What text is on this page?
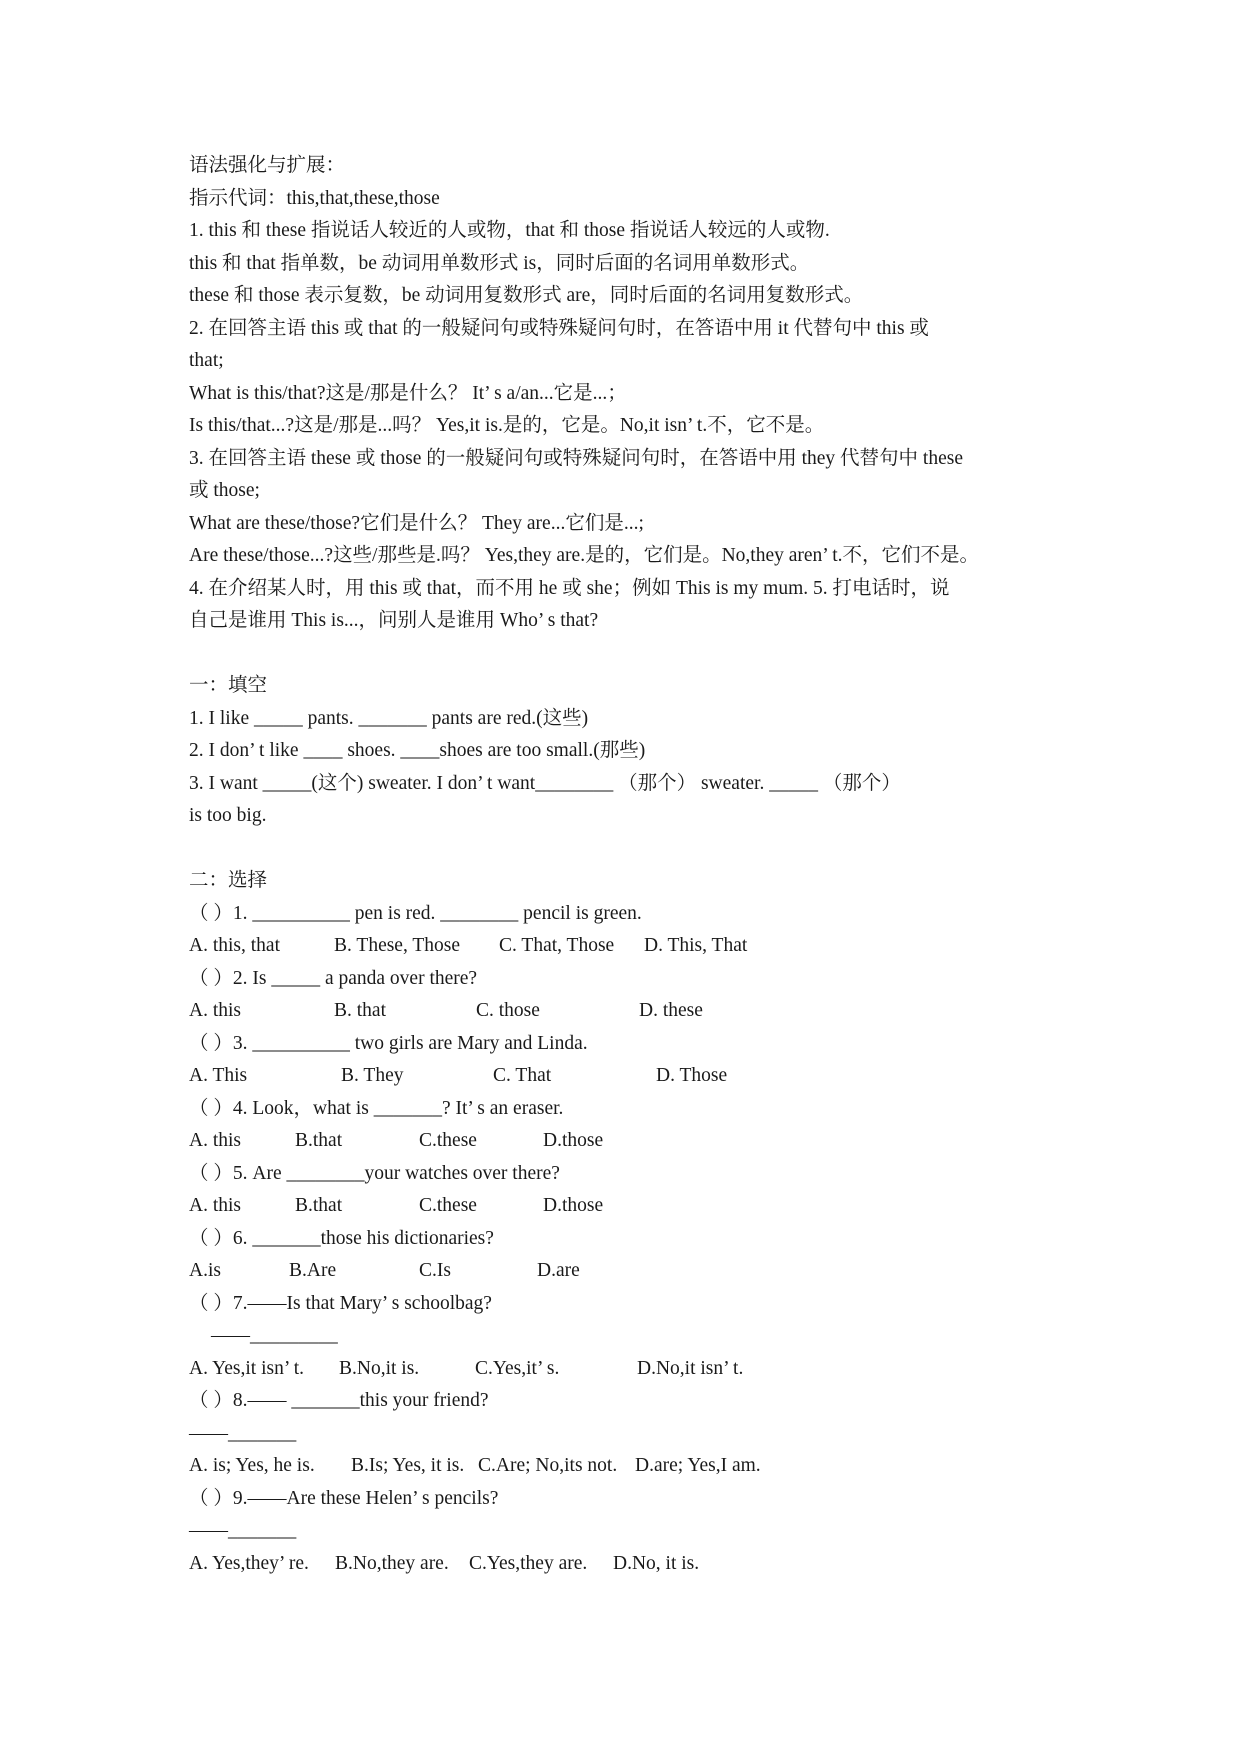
语法强化与扩展：
指示代词：this,that,these,those
1. this 和 these 指说话人较近的人或物，that 和 those 指说话人较远的人或物.
this 和 that 指单数，be 动词用单数形式 is，同时后面的名词用单数形式。
these 和 those 表示复数，be 动词用复数形式 are，同时后面的名词用复数形式。
2. 在回答主语 this 或 that 的一般疑问句或特殊疑问句时，在答语中用 it 代替句中 this 或
that;
What is this/that?这是/那是什么？ It’ s a/an...它是...；
Is this/that...?这是/那是...吗？ Yes,it is.是的，它是。No,it isn’ t.不，它不是。
3. 在回答主语 these 或 those 的一般疑问句或特殊疑问句时，在答语中用 they 代替句中 these
或 those;
What are these/those?它们是什么？ They are...它们是...;
Are these/those...?这些/那些是.吗？ Yes,they are.是的，它们是。No,they aren’ t.不，它们不是。
4. 在介绍某人时，用 this 或 that，而不用 he 或 she；例如 This is my mum. 5. 打电话时，说
自己是谁用 This is...，问别人是谁用 Who’ s that?
一：填空
1. I like _____ pants. _______ pants are red.(这些)
2. I don’ t like ____ shoes. ____shoes are too small.(那些)
3. I want _____(这个) sweater. I don’ t want________ （那个） sweater. _____ （那个）
is too big.
二：选择
（ ）1. __________ pen is red. ________ pencil is green.
A. this, that	B. These, Those	C. That, Those	D. This, That
（ ）2. Is _____ a panda over there?
A. this	B. that	C. those	D. these
（ ）3. __________ two girls are Mary and Linda.
A. This	B. They	C. That	D. Those
（ ）4. Look，what is _______? It’ s an eraser.
A. this	B.that	C.these	D.those
（ ）5. Are ________your watches over there?
A. this	B.that	C.these	D.those
（ ）6. _______those his dictionaries?
A.is	B.Are	C.Is	D.are
（ ）7.——Is that Mary’ s schoolbag?
——_________
A. Yes,it isn’ t.	B.No,it is.	C.Yes,it’ s.	D.No,it isn’ t.
（ ）8.—— _______this your friend?
——_______
A. is; Yes, he is.	B.Is; Yes, it is. C.Are; No,its not. D.are; Yes,I am.
（ ）9.——Are these Helen’ s pencils?
——_______
A. Yes,they’ re.	B.No,they are.	C.Yes,they are.	D.No, it is.
